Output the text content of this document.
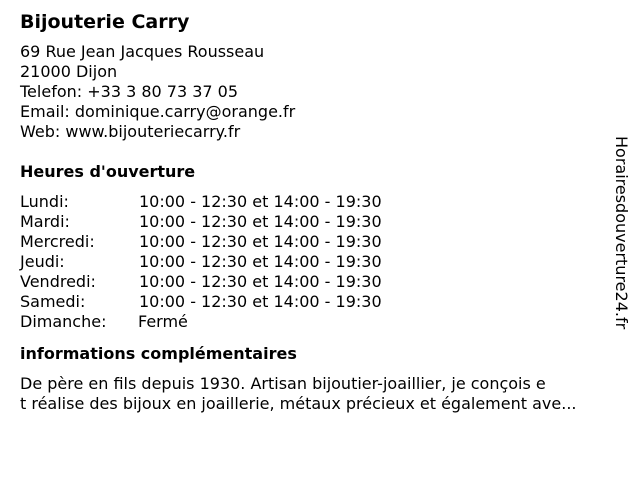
Bijouterie Carry
69 Rue Jean Jacques Rousseau
21000 Dijon
Telefon: +33 3 80 73 37 05
Email: dominique.carry@orange.fr
Web: www.bijouteriecarry.fr
Heures d'ouverture
Lundi:	10:00 - 12:30 et 14:00 - 19:30
Mardi:	10:00 - 12:30 et 14:00 - 19:30
Mercredi:	10:00 - 12:30 et 14:00 - 19:30
Jeudi:	10:00 - 12:30 et 14:00 - 19:30
Vendredi:	10:00 - 12:30 et 14:00 - 19:30
Samedi:	10:00 - 12:30 et 14:00 - 19:30
Dimanche: Fermé
informations complémentaires
De père en fils depuis 1930. Artisan bijoutier-joaillier, je conçois e
t réalise des bijoux en joaillerie, métaux précieux et également ave...
Horairesdouverture24.fr
